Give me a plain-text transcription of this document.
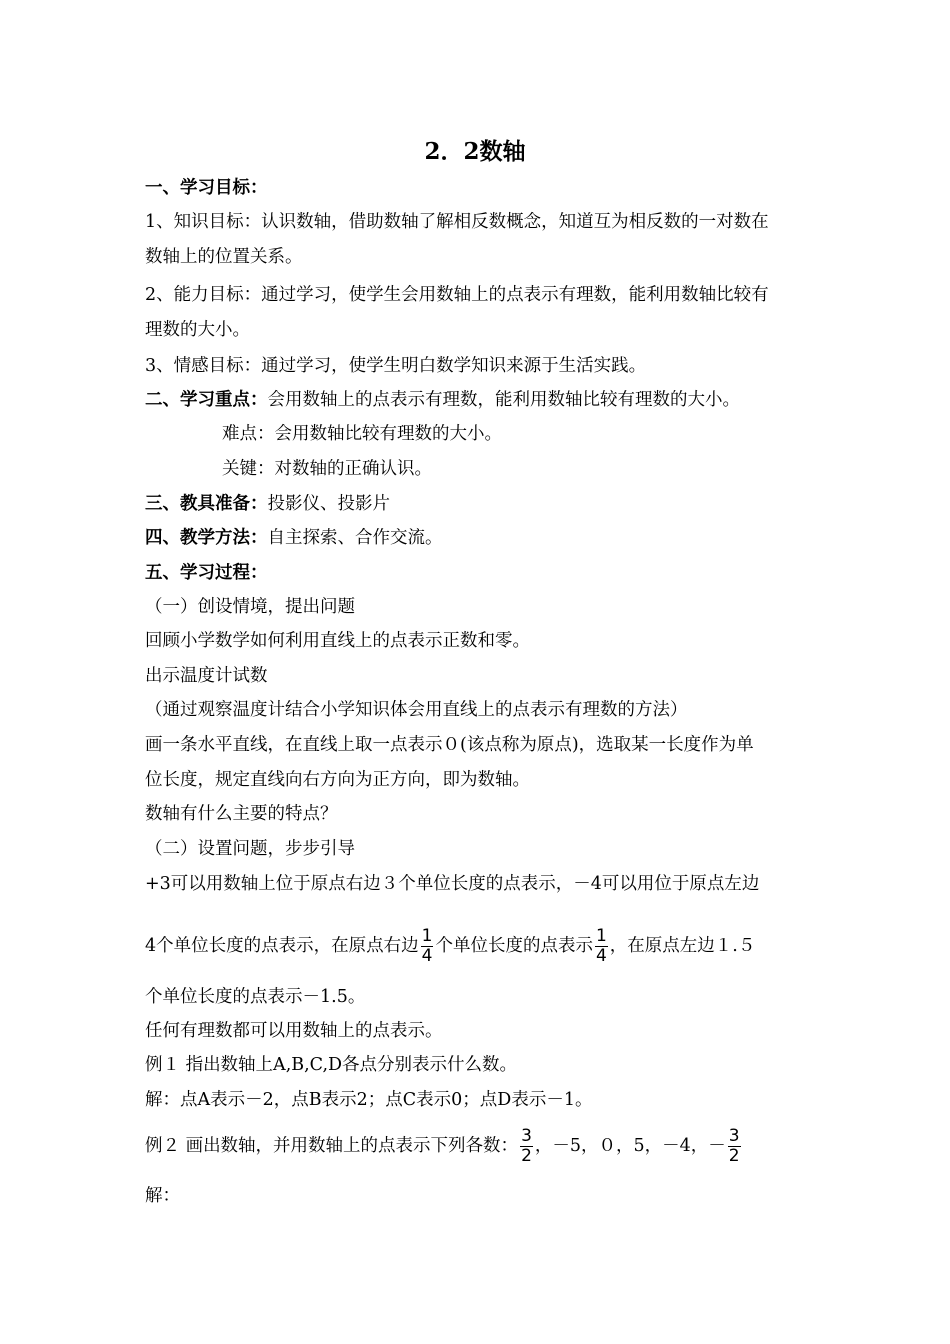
2．2数轴
一、学习目标：
1、知识目标：认识数轴，借助数轴了解相反数概念，知道互为相反数的一对数在
数轴上的位置关系。
2、能力目标：通过学习，使学生会用数轴上的点表示有理数，能利用数轴比较有
理数的大小。
3、情感目标：通过学习，使学生明白数学知识来源于生活实践。
二、学习重点：会用数轴上的点表示有理数，能利用数轴比较有理数的大小。
难点：会用数轴比较有理数的大小。
关键：对数轴的正确认识。
三、教具准备：投影仪、投影片
四、教学方法：自主探索、合作交流。
五、学习过程：
（一）创设情境，提出问题
回顾小学数学如何利用直线上的点表示正数和零。
出示温度计试数
（通过观察温度计结合小学知识体会用直线上的点表示有理数的方法）
画一条水平直线，在直线上取一点表示０(该点称为原点)，选取某一长度作为单
位长度，规定直线向右方向为正方向，即为数轴。
数轴有什么主要的特点？
（二）设置问题，步步引导
+3可以用数轴上位于原点右边３个单位长度的点表示，－4可以用位于原点左边
4个单位长度的点表示，在原点右边 $\frac{1}{4}$ 个单位长度的点表示 $\frac{1}{4}$ ，在原点左边１.５
个单位长度的点表示－1.5。
任何有理数都可以用数轴上的点表示。
例１ 指出数轴上A,B,C,D各点分别表示什么数。
解：点A表示－2，点B表示2；点C表示0；点D表示－1。
例２ 画出数轴，并用数轴上的点表示下列各数： $\frac{3}{2}$ ，－5，０，5，－4，－ $\frac{3}{2}$
解：
